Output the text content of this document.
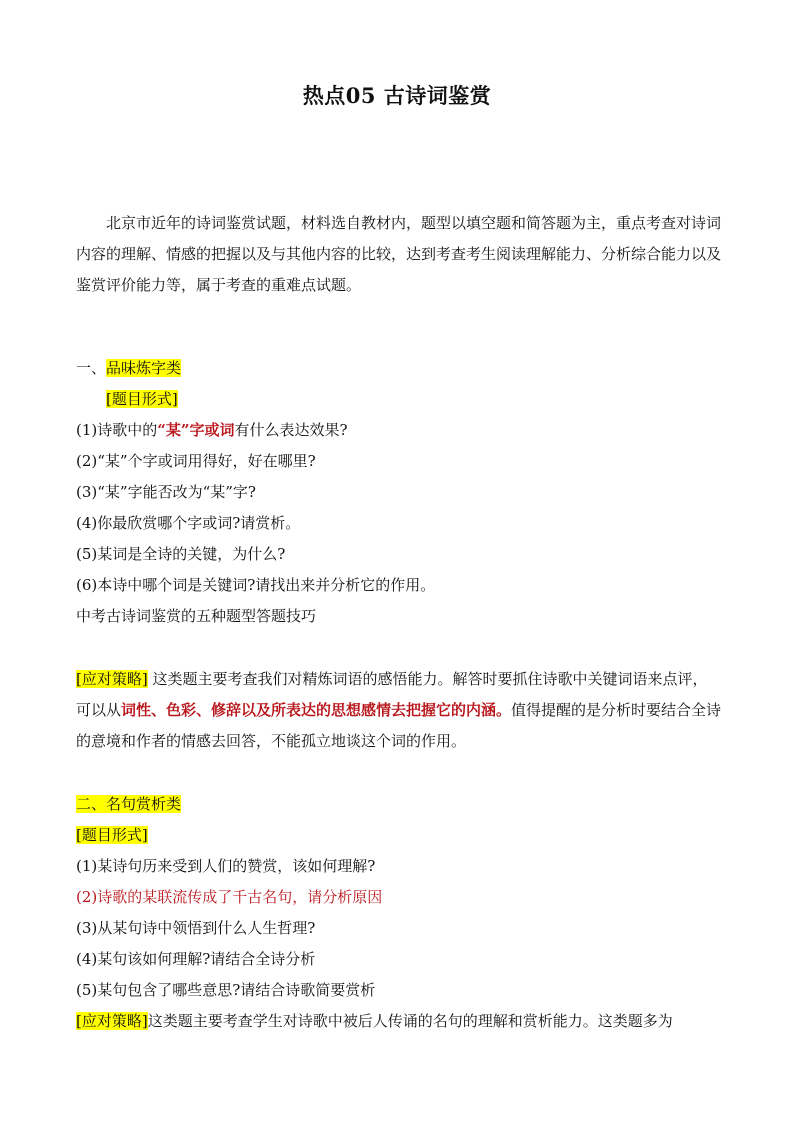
热点05 古诗词鉴赏
北京市近年的诗词鉴赏试题，材料选自教材内，题型以填空题和简答题为主，重点考查对诗词内容的理解、情感的把握以及与其他内容的比较，达到考查考生阅读理解能力、分析综合能力以及鉴赏评价能力等，属于考查的重难点试题。
一、品味炼字类
[题目形式]
(1)诗歌中的“某”字或词有什么表达效果?
(2)“某”个字或词用得好，好在哪里?
(3)“某”字能否改为“某”字?
(4)你最欣赏哪个字或词?请赏析。
(5)某词是全诗的关键，为什么?
(6)本诗中哪个词是关键词?请找出来并分析它的作用。
中考古诗词鉴赏的五种题型答题技巧
[应对策略] 这类题主要考查我们对精炼词语的感悟能力。解答时要抓住诗歌中关键词语来点评，可以从词性、色彩、修辞以及所表达的思想感情去把握它的内涵。值得提醒的是分析时要结合全诗的意境和作者的情感去回答，不能孤立地谈这个词的作用。
二、名句赏析类
[题目形式]
(1)某诗句历来受到人们的赞赏，该如何理解?
(2)诗歌的某联流传成了千古名句，请分析原因
(3)从某句诗中领悟到什么人生哲理?
(4)某句该如何理解?请结合全诗分析
(5)某句包含了哪些意思?请结合诗歌简要赏析
[应对策略]这类题主要考查学生对诗歌中被后人传诵的名句的理解和赏析能力。这类题多为
